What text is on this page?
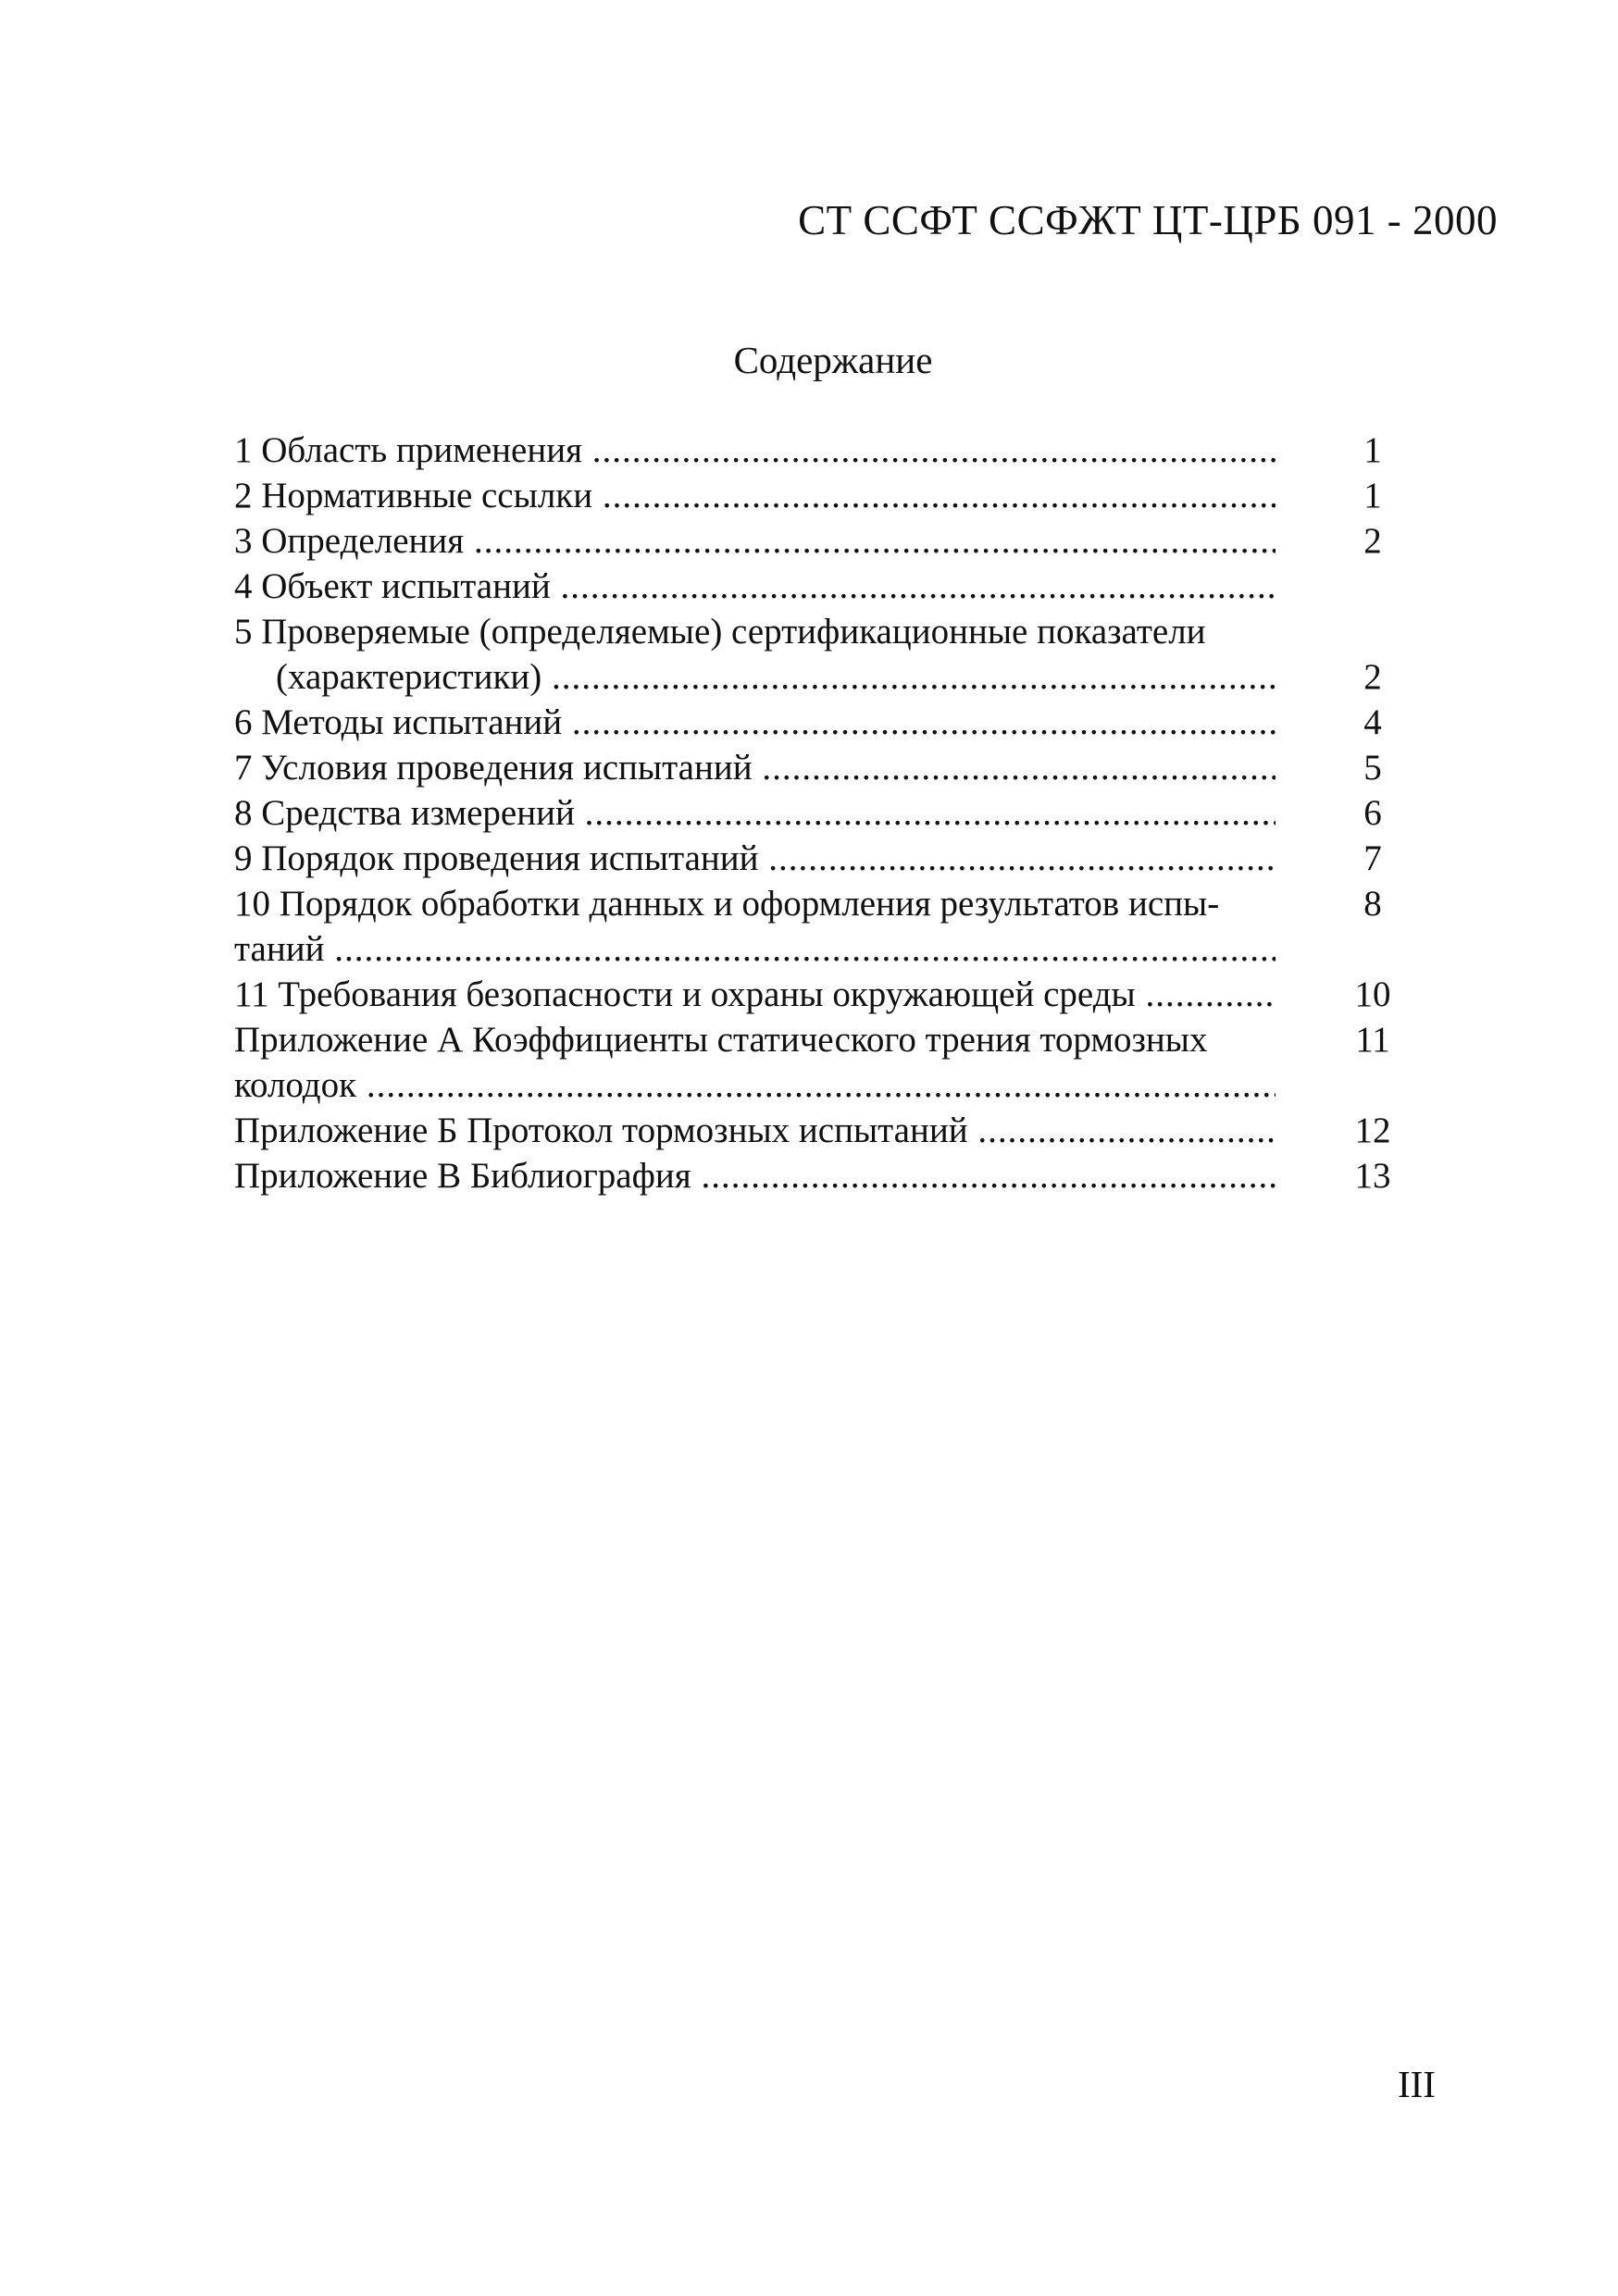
СТ ССФТ ССФЖТ ЦТ-ЦРБ 091 - 2000
Содержание
1 Область применения .....	1
2 Нормативные ссылки .....	1
3 Определения .....	2
4 Объект испытаний .....
5 Проверяемые (определяемые) сертификационные показатели
(характеристики) .....	2
6 Методы испытаний .....	4
7 Условия проведения испытаний .....	5
8 Средства измерений .....	6
9 Порядок проведения испытаний .....	7
10 Порядок обработки данных и оформления результатов испы-	8
таний .....
11 Требования безопасности и охраны окружающей среды .....	10
Приложение А Коэффициенты статического трения тормозных	11
колодок .....
Приложение Б Протокол тормозных испытаний .....	12
Приложение В Библиография .....	13
III
